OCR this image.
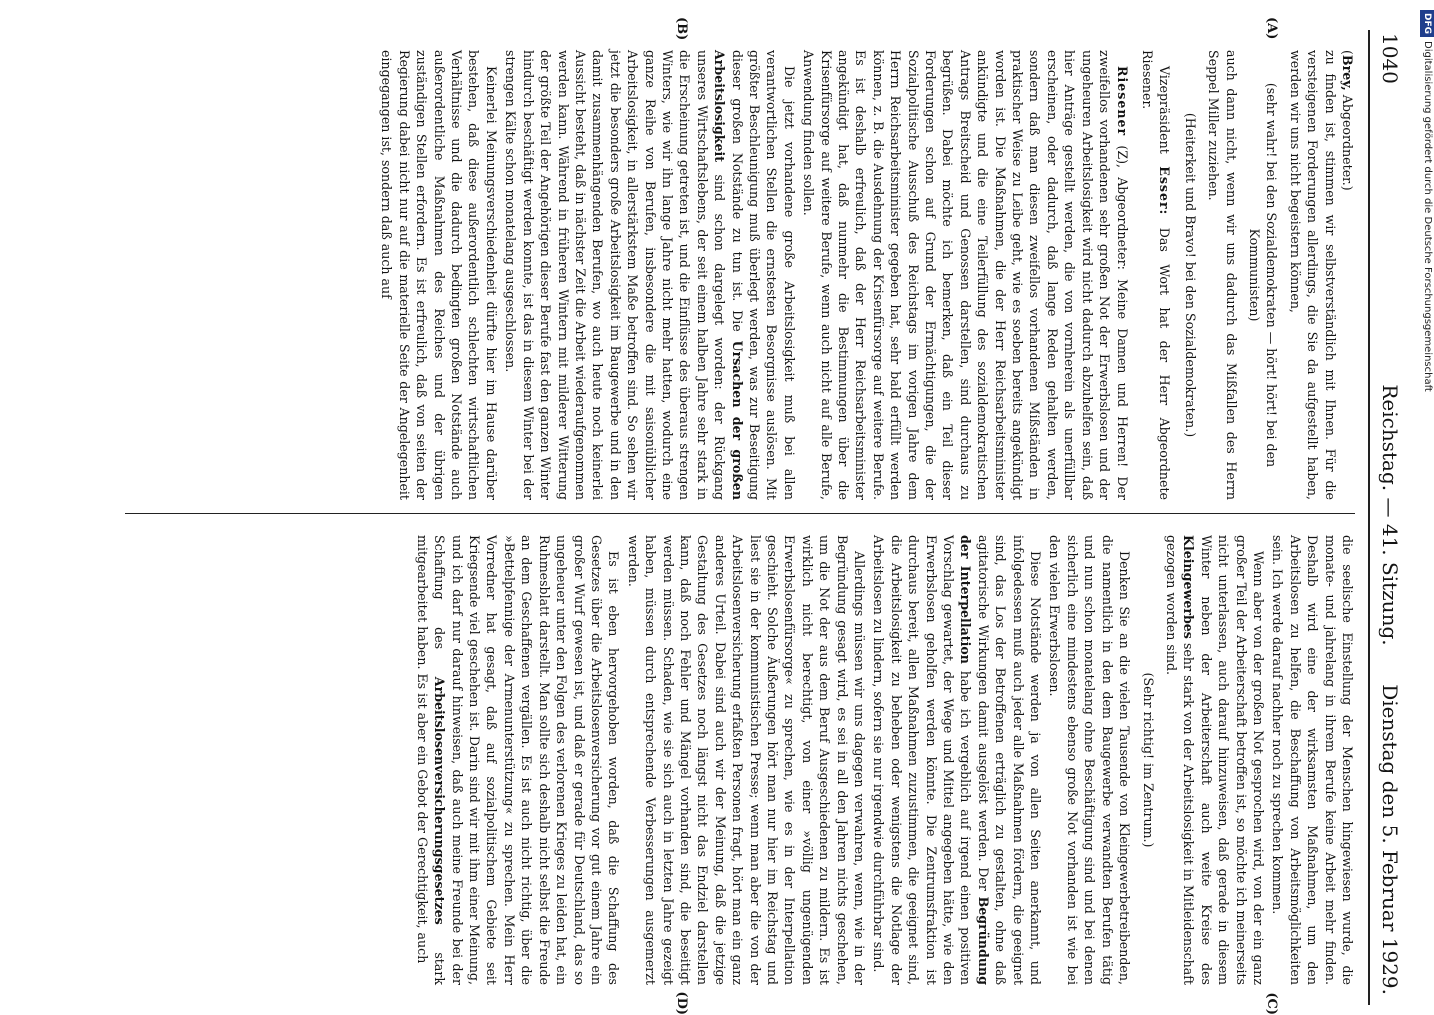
1040
Reichstag. — 41. Sitzung.
Dienstag den 5. Februar 1929.
(A)
(B)
(C)
(D)

(Brey, Abgeordneter.)
zu finden ist, stimmen wir selbstverständlich mit Ihnen. Für die versteigenen Forderungen allerdings, die Sie da aufgestellt haben, werden wir uns nicht begeistern können,

(sehr wahr! bei den Sozialdemokraten — hört! hört! bei den Kommunisten)

auch dann nicht, wenn wir uns dadurch das Mißfallen des Herrn Seppel Miller zuziehen.

(Heiterkeit und Bravo! bei den Sozialdemokraten.)

Vizepräsident Esser: Das Wort hat der Herr Abgeordnete Riesener.

Riesener (Z), Abgeordneter: Meine Damen und Herren! Der zweifellos vorhandenen sehr großen Not der Erwerbslosen und der ungeheuren Arbeitslosigkeit wird nicht dadurch abzuhelfen sein, daß hier Anträge gestellt werden, die von vornherein als unerfüllbar erscheinen, oder dadurch, daß lange Reden gehalten werden, sondern daß man diesen zweifellos vorhandenen Mißständen in praktischer Weise zu Leibe geht, wie es soeben bereits angekündigt worden ist. Die Maßnahmen, die der Herr Reichsarbeitsminister ankündigte und die eine Teilerfüllung des sozialdemokratischen Antrags Breitscheid und Genossen darstellen, sind durchaus zu begrüßen. Dabei möchte ich bemerken, daß ein Teil dieser Forderungen schon auf Grund der Ermächtigungen, die der Sozialpolitische Ausschuß des Reichstags im vorigen Jahre dem Herrn Reichsarbeitsminister gegeben hat, sehr bald erfüllt werden können, z. B. die Ausdehnung der Krisenfürsorge auf weitere Berufe. Es ist deshalb erfreulich, daß der Herr Reichsarbeitsminister angekündigt hat, daß nunmehr die Bestimmungen über die Krisenfürsorge auf weitere Berufe, wenn auch nicht auf alle Berufe, Anwendung finden sollen.

Die jetzt vorhandene große Arbeitslosigkeit muß bei allen verantwortlichen Stellen die ernstesten Besorgnisse auslösen. Mit größter Beschleunigung muß überlegt werden, was zur Beseitigung dieser großen Notstände zu tun ist. Die Ursachen der großen Arbeitslosigkeit sind schon dargelegt worden: der Rückgang unseres Wirtschaftslebens, der seit einem halben Jahre sehr stark in die Erscheinung getreten ist, und die Einflüsse des überaus strengen Winters, wie wir ihn lange Jahre nicht mehr hatten, wodurch eine ganze Reihe von Berufen, insbesondere die mit saisonüblicher Arbeitslosigkeit, in allerstärkstem Maße betroffen sind. So sehen wir jetzt die besonders große Arbeitslosigkeit im Baugewerbe und in den damit zusammenhängenden Berufen, wo auch heute noch keinerlei Aussicht besteht, daß in nächster Zeit die Arbeit wiederaufgenommen werden kann. Während in früheren Wintern mit milderer Witterung der größte Teil der Angehörigen dieser Berufe fast den ganzen Winter hindurch beschäftigt werden konnte, ist das in diesem Winter bei der strengen Kälte schon monatelang ausgeschlossen.

Keinerlei Meinungsverschiedenheit dürfte hier im Hause darüber bestehen, daß diese außerordentlich schlechten wirtschaftlichen Verhältnisse und die dadurch bedingten großen Notstände auch außerordentliche Maßnahmen des Reiches und der übrigen zuständigen Stellen erfordern. Es ist erfreulich, daß von seiten der Regierung dabei nicht nur auf die materielle Seite der Angelegenheit eingegangen ist, sondern daß auch auf

die seelische Einstellung der Menschen hingewiesen wurde, die monate- und jahrelang in ihrem Berufe keine Arbeit mehr finden. Deshalb wird eine der wirksamsten Maßnahmen, um den Arbeitslosen zu helfen, die Beschaffung von Arbeitsmöglichkeiten sein. Ich werde darauf nachher noch zu sprechen kommen.

Wenn aber von der großen Not gesprochen wird, von der ein ganz großer Teil der Arbeiterschaft betroffen ist, so möchte ich meinerseits nicht unterlassen, auch darauf hinzuweisen, daß gerade in diesem Winter neben der Arbeiterschaft auch weite Kreise des Kleingewerbes sehr stark von der Arbeitslosigkeit in Mitleidenschaft gezogen worden sind.

(Sehr richtig! im Zentrum.)

Denken Sie an die vielen Tausende von Kleingewerbetreibenden, die namentlich in den dem Baugewerbe verwandten Berufen tätig und nun schon monatelang ohne Beschäftigung sind und bei denen sicherlich eine mindestens ebenso große Not vorhanden ist wie bei den vielen Erwerbslosen.

Diese Notstände werden ja von allen Seiten anerkannt, und infolgedessen muß auch jeder alle Maßnahmen fördern, die geeignet sind, das Los der Betroffenen erträglich zu gestalten, ohne daß agitatorische Wirkungen damit ausgelöst werden. Der Begründung der Interpellation habe ich vergeblich auf irgend einen positiven Vorschlag gewartet, der Wege und Mittel angegeben hätte, wie den Erwerbslosen geholfen werden könnte. Die Zentrumsfraktion ist durchaus bereit, allen Maßnahmen zuzustimmen, die geeignet sind, die Arbeitslosigkeit zu beheben oder wenigstens die Notlage der Arbeitslosen zu lindern, sofern sie nur irgendwie durchführbar sind.

Allerdings müssen wir uns dagegen verwahren, wenn, wie in der Begründung gesagt wird, es sei in all den Jahren nichts geschehen, um die Not der aus dem Beruf Ausgeschiedenen zu mildern. Es ist wirklich nicht berechtigt, von einer »völlig ungenügenden Erwerbslosenfürsorge« zu sprechen, wie es in der Interpellation geschieht. Solche Äußerungen hört man nur hier im Reichstag und liest sie in der kommunistischen Presse; wenn man aber die von der Arbeitslosenversicherung erfaßten Personen fragt, hört man ein ganz anderes Urteil. Dabei sind auch wir der Meinung, daß die jetzige Gestaltung des Gesetzes noch längst nicht das Endziel darstellen kann, daß noch Fehler und Mängel vorhanden sind, die beseitigt werden müssen. Schaden, wie sie sich auch in letzten Jahre gezeigt haben, müssen durch entsprechende Verbesserungen ausgemerzt werden.

Es ist eben hervorgehoben worden, daß die Schaffung des Gesetzes über die Arbeitslosenversicherung vor gut einem Jahre ein großer Wurf gewesen ist, und daß er gerade für Deutschland, das so ungeheuer unter den Folgen des verlorenen Krieges zu leiden hat, ein Ruhmesblatt darstellt. Man sollte sich deshalb nicht selbst die Freude an dem Geschaffenen vergällen. Es ist auch nicht richtig, über die »Bettelpfennige der Armenunterstützung« zu sprechen. Mein Herr Vorredner hat gesagt, daß auf sozialpolitischem Gebiete seit Kriegsende viel geschehen ist. Darin sind wir mit ihm einer Meinung, und ich darf nur darauf hinweisen, daß auch meine Freunde bei der Schaffung des Arbeitslosenversicherungsgesetzes stark mitgearbeitet haben. Es ist aber ein Gebot der Gerechtigkeit, auch

DFGDigitalisierung gefördert durch die Deutsche Forschungsgemeinschaft
